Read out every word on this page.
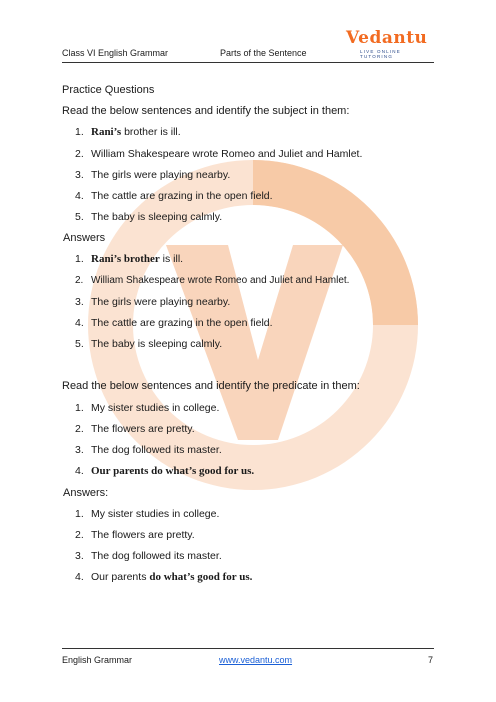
Class VI English Grammar	Parts of the Sentence
Vedantu
LIVE ONLINE TUTORING
Practice Questions
Read the below sentences and identify the subject in them:
1. Rani’s brother is ill.
2. William Shakespeare wrote Romeo and Juliet and Hamlet.
3. The girls were playing nearby.
4. The cattle are grazing in the open field.
5. The baby is sleeping calmly.
Answers
1. Rani’s brother is ill.
2. William Shakespeare wrote Romeo and Juliet and Hamlet.
3. The girls were playing nearby.
4. The cattle are grazing in the open field.
5. The baby is sleeping calmly.
Read the below sentences and identify the predicate in them:
1. My sister studies in college.
2. The flowers are pretty.
3. The dog followed its master.
4. Our parents do what’s good for us.
Answers:
1. My sister studies in college.
2. The flowers are pretty.
3. The dog followed its master.
4. Our parents do what’s good for us.
English Grammar	www.vedantu.com	7
